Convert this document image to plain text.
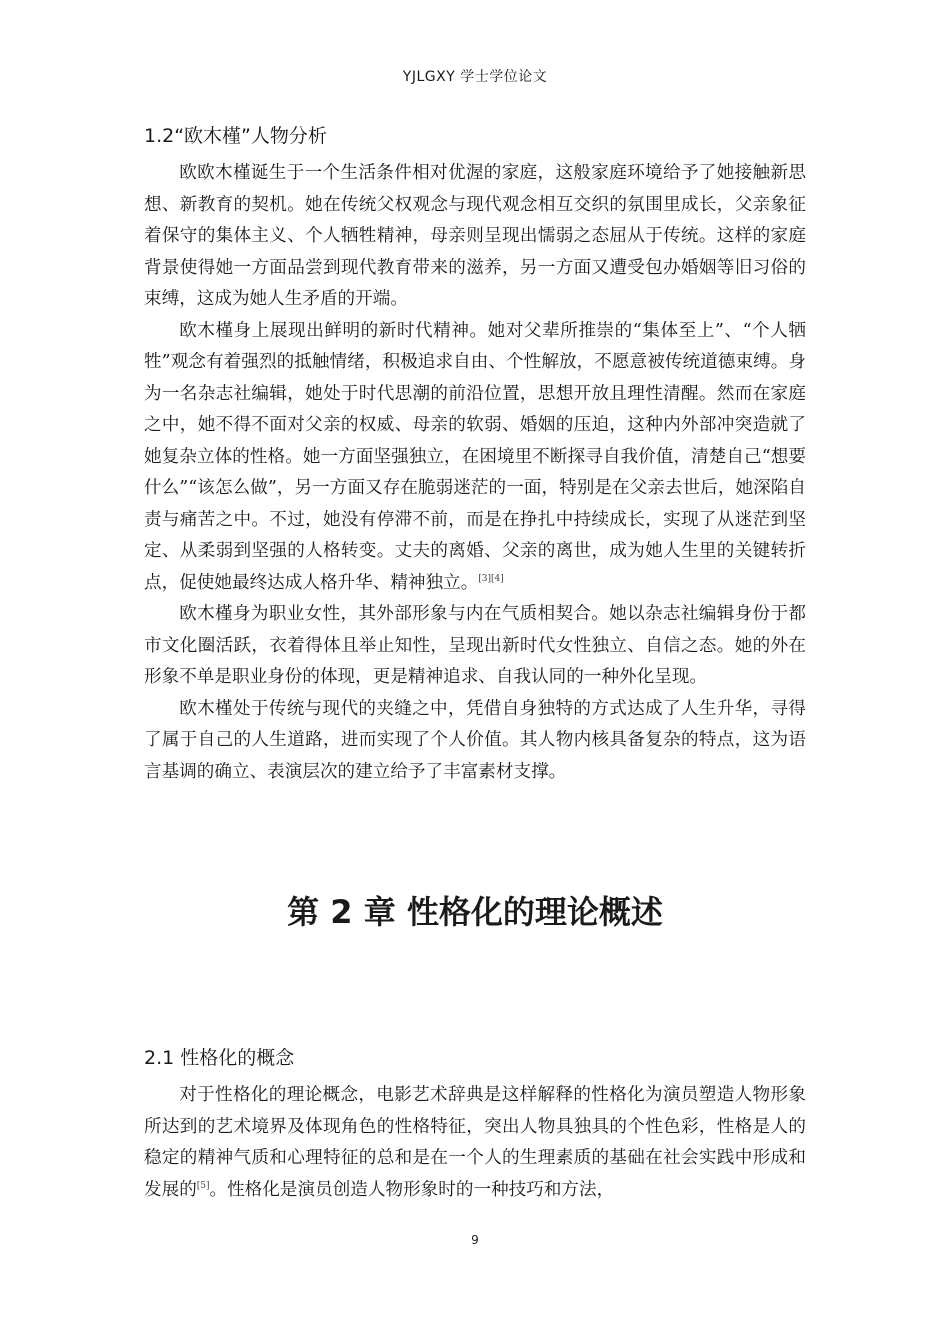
YJLGXY 学士学位论文
1.2“欧木槿”人物分析

欧欧木槿诞生于一个生活条件相对优渥的家庭，这般家庭环境给予了她接触新思想、新教育的契机。她在传统父权观念与现代观念相互交织的氛围里成长，父亲象征着保守的集体主义、个人牺牲精神，母亲则呈现出懦弱之态屈从于传统。这样的家庭背景使得她一方面品尝到现代教育带来的滋养，另一方面又遭受包办婚姻等旧习俗的束缚，这成为她人生矛盾的开端。

欧木槿身上展现出鲜明的新时代精神。她对父辈所推崇的“集体至上”、“个人牺牲”观念有着强烈的抵触情绪，积极追求自由、个性解放，不愿意被传统道德束缚。身为一名杂志社编辑，她处于时代思潮的前沿位置，思想开放且理性清醒。然而在家庭之中，她不得不面对父亲的权威、母亲的软弱、婚姻的压迫，这种内外部冲突造就了她复杂立体的性格。她一方面坚强独立，在困境里不断探寻自我价值，清楚自己“想要什么”“该怎么做”，另一方面又存在脆弱迷茫的一面，特别是在父亲去世后，她深陷自责与痛苦之中。不过，她没有停滞不前，而是在挣扎中持续成长，实现了从迷茫到坚定、从柔弱到坚强的人格转变。丈夫的离婚、父亲的离世，成为她人生里的关键转折点，促使她最终达成人格升华、精神独立。[3][4]

欧木槿身为职业女性，其外部形象与内在气质相契合。她以杂志社编辑身份于都市文化圈活跃，衣着得体且举止知性，呈现出新时代女性独立、自信之态。她的外在形象不单是职业身份的体现，更是精神追求、自我认同的一种外化呈现。

欧木槿处于传统与现代的夹缝之中，凭借自身独特的方式达成了人生升华，寻得了属于自己的人生道路，进而实现了个人价值。其人物内核具备复杂的特点，这为语言基调的确立、表演层次的建立给予了丰富素材支撑。

第 2 章 性格化的理论概述
2.1 性格化的概念

对于性格化的理论概念，电影艺术辞典是这样解释的性格化为演员塑造人物形象所达到的艺术境界及体现角色的性格特征，突出人物具独具的个性色彩，性格是人的稳定的精神气质和心理特征的总和是在一个人的生理素质的基础在社会实践中形成和发展的[5]。性格化是演员创造人物形象时的一种技巧和方法，

9
